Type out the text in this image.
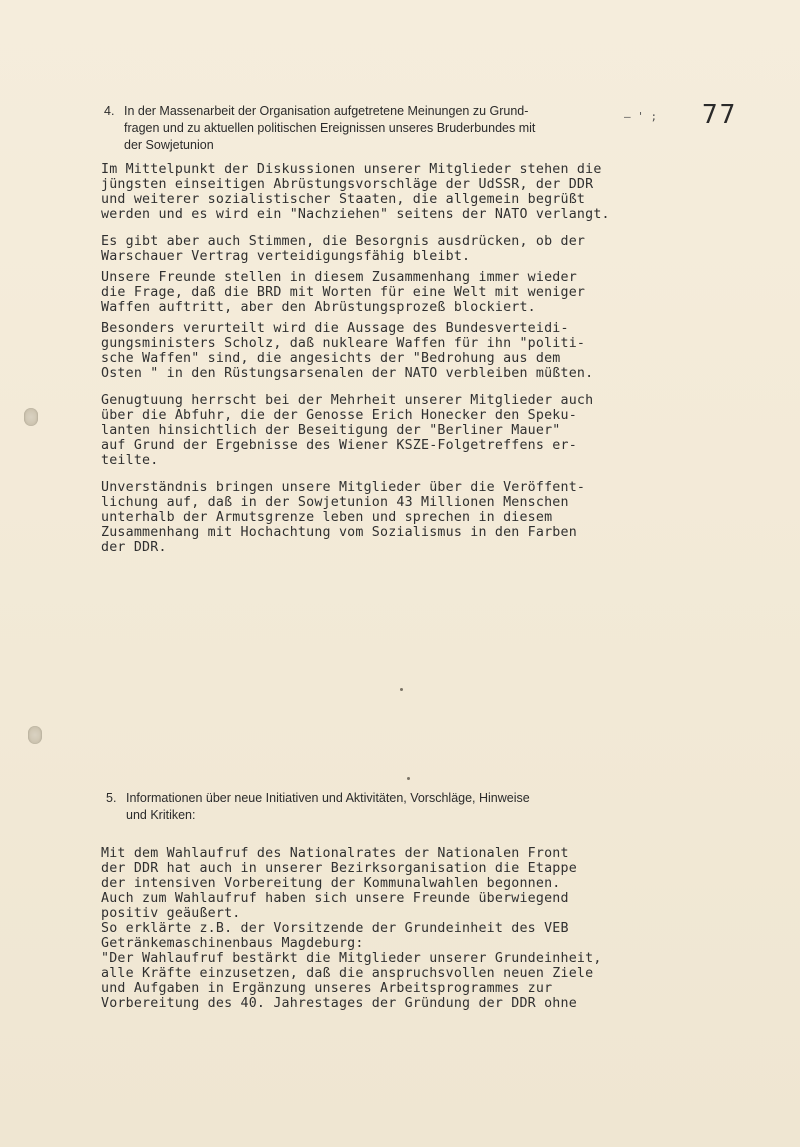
— ' ; 77
4. In der Massenarbeit der Organisation aufgetretene Meinungen zu Grund-
fragen und zu aktuellen politischen Ereignissen unseres Bruderbundes mit
der Sowjetunion

Im Mittelpunkt der Diskussionen unserer Mitglieder stehen die
jüngsten einseitigen Abrüstungsvorschläge der UdSSR, der DDR
und weiterer sozialistischer Staaten, die allgemein begrüßt
werden und es wird ein "Nachziehen" seitens der NATO verlangt.

Es gibt aber auch Stimmen, die Besorgnis ausdrücken, ob der
Warschauer Vertrag verteidigungsfähig bleibt.

Unsere Freunde stellen in diesem Zusammenhang immer wieder
die Frage, daß die BRD mit Worten für eine Welt mit weniger
Waffen auftritt, aber den Abrüstungsprozeß blockiert.

Besonders verurteilt wird die Aussage des Bundesverteidi-
gungsministers Scholz, daß nukleare Waffen für ihn "politi-
sche Waffen" sind, die angesichts der "Bedrohung aus dem
Osten " in den Rüstungsarsenalen der NATO verbleiben müßten.

Genugtuung herrscht bei der Mehrheit unserer Mitglieder auch
über die Abfuhr, die der Genosse Erich Honecker den Speku-
lanten hinsichtlich der Beseitigung der "Berliner Mauer"
auf Grund der Ergebnisse des Wiener KSZE-Folgetreffens er-
teilte.

Unverständnis bringen unsere Mitglieder über die Veröffent-
lichung auf, daß in der Sowjetunion 43 Millionen Menschen
unterhalb der Armutsgrenze leben und sprechen in diesem
Zusammenhang mit Hochachtung vom Sozialismus in den Farben
der DDR.

5. Informationen über neue Initiativen und Aktivitäten, Vorschläge, Hinweise
und Kritiken:

Mit dem Wahlaufruf des Nationalrates der Nationalen Front
der DDR hat auch in unserer Bezirksorganisation die Etappe
der intensiven Vorbereitung der Kommunalwahlen begonnen.
Auch zum Wahlaufruf haben sich unsere Freunde überwiegend
positiv geäußert.

So erklärte z.B. der Vorsitzende der Grundeinheit des VEB
Getränkemaschinenbaus Magdeburg:
"Der Wahlaufruf bestärkt die Mitglieder unserer Grundeinheit,
alle Kräfte einzusetzen, daß die anspruchsvollen neuen Ziele
und Aufgaben in Ergänzung unseres Arbeitsprogrammes zur
Vorbereitung des 40. Jahrestages der Gründung der DDR ohne
